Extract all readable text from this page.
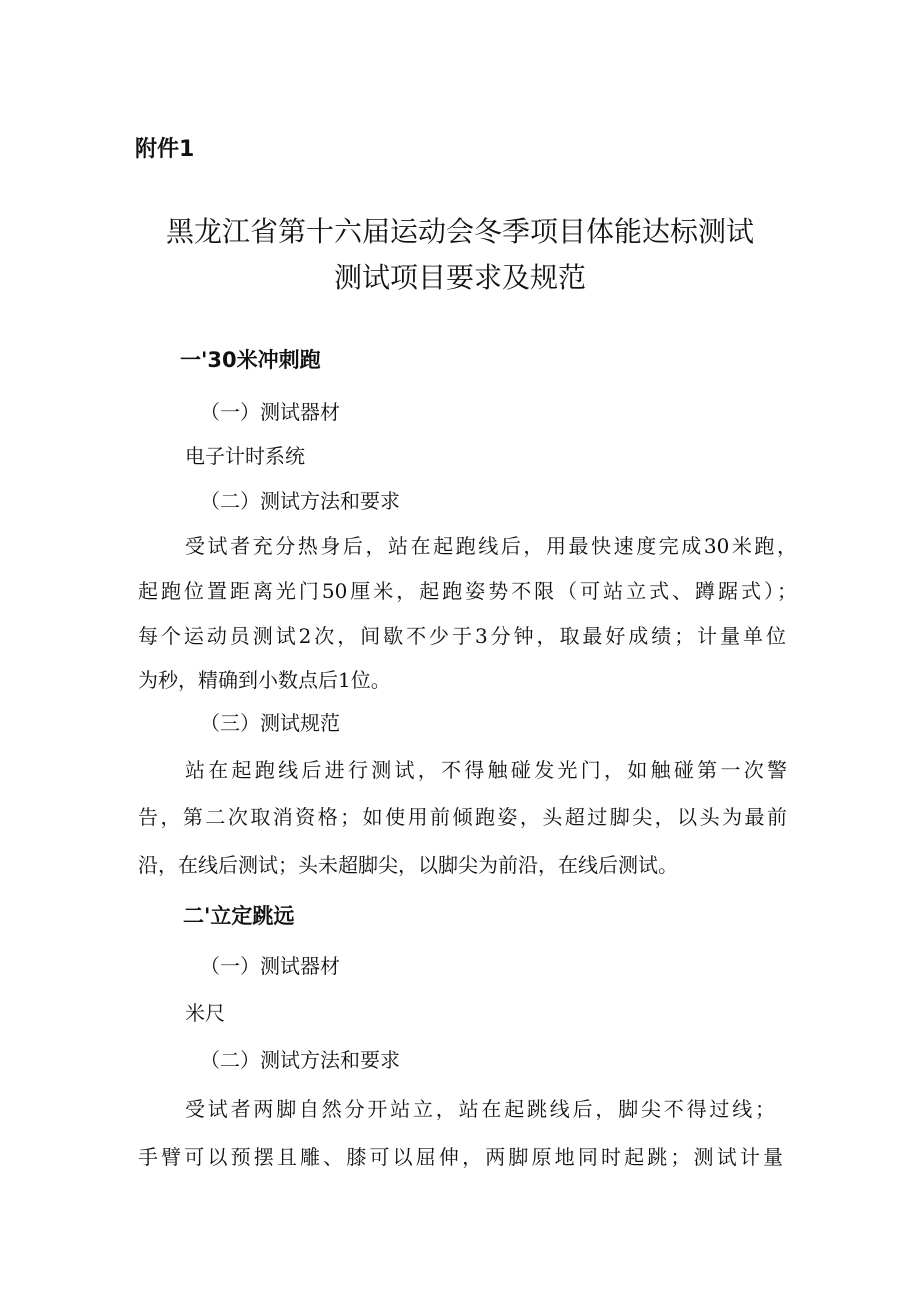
附件1
黑龙江省第十六届运动会冬季项目体能达标测试
测试项目要求及规范
一'30米冲刺跑
（一）测试器材
电子计时系统
（二）测试方法和要求
受试者充分热身后，站在起跑线后，用最快速度完成30米跑，
起跑位置距离光门50厘米，起跑姿势不限（可站立式、蹲踞式）；
每个运动员测试2次，间歇不少于3分钟，取最好成绩；计量单位
为秒，精确到小数点后1位。
（三）测试规范
站在起跑线后进行测试，不得触碰发光门，如触碰第一次警
告，第二次取消资格；如使用前倾跑姿，头超过脚尖，以头为最前
沿，在线后测试；头未超脚尖，以脚尖为前沿，在线后测试。
二'立定跳远
（一）测试器材
米尺
（二）测试方法和要求
受试者两脚自然分开站立，站在起跳线后，脚尖不得过线；
手臂可以预摆且雕、膝可以屈伸，两脚原地同时起跳；测试计量
